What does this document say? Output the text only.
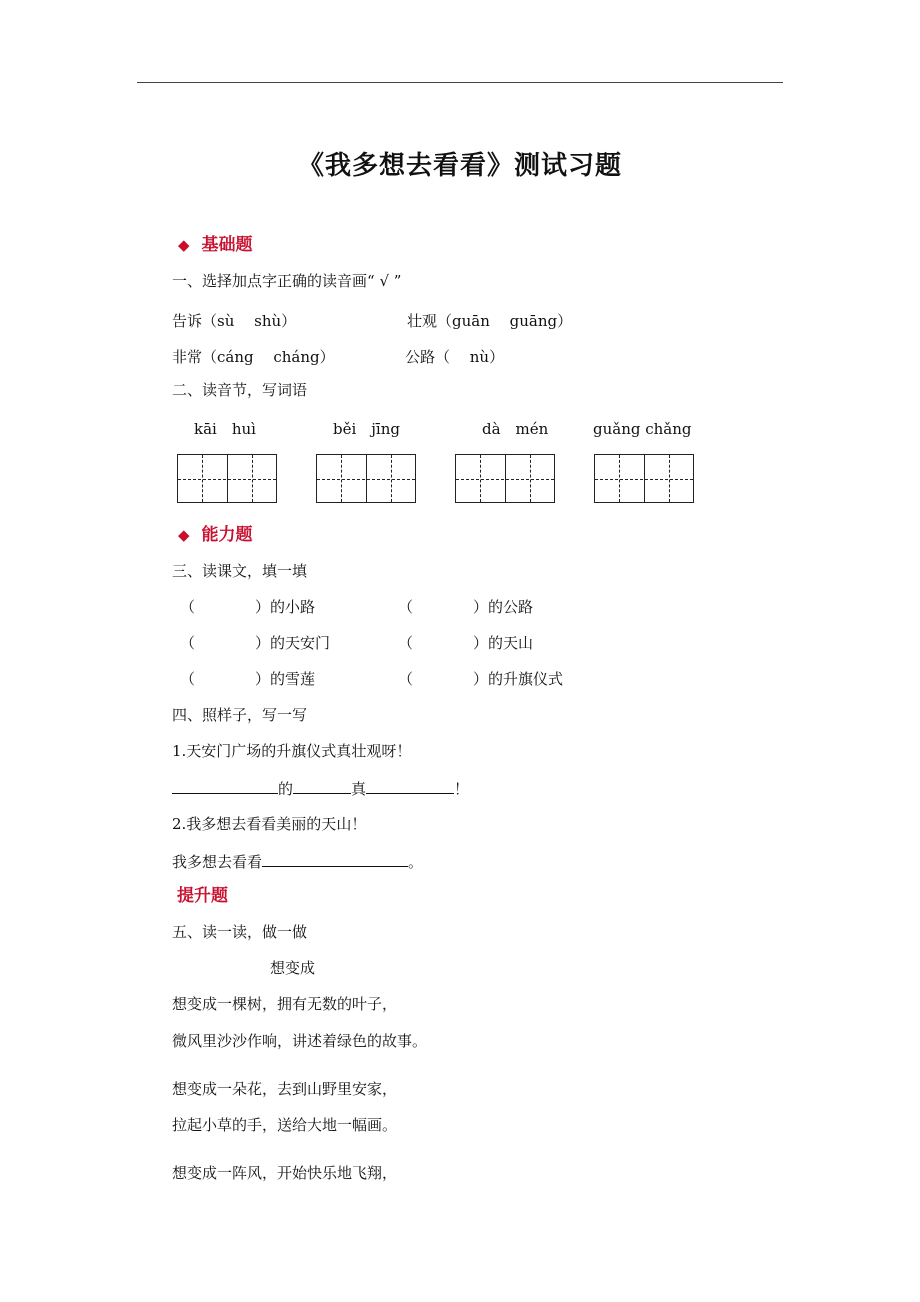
《我多想去看看》测试习题
◆ 基础题
一、选择加点字正确的读音画“ √ ”
告诉（sù　 shù）	壮观（guān　 guāng）
非常（cáng　 cháng）	公路（　 nù）
二、读音节，写词语
kāi　huì	běi　jīng	dà　mén	guǎng chǎng
◆ 能力题
三、读课文，填一填
（	）的小路	（	）的公路
（	）的天安门	（	）的天山
（	）的雪莲	（	）的升旗仪式
四、照样子，写一写
1.天安门广场的升旗仪式真壮观呀！
的	真	！
2.我多想去看看美丽的天山！
我多想去看看	。
提升题
五、读一读，做一做
想变成
想变成一棵树，拥有无数的叶子，
微风里沙沙作响，讲述着绿色的故事。
想变成一朵花，去到山野里安家，
拉起小草的手，送给大地一幅画。
想变成一阵风，开始快乐地飞翔，
